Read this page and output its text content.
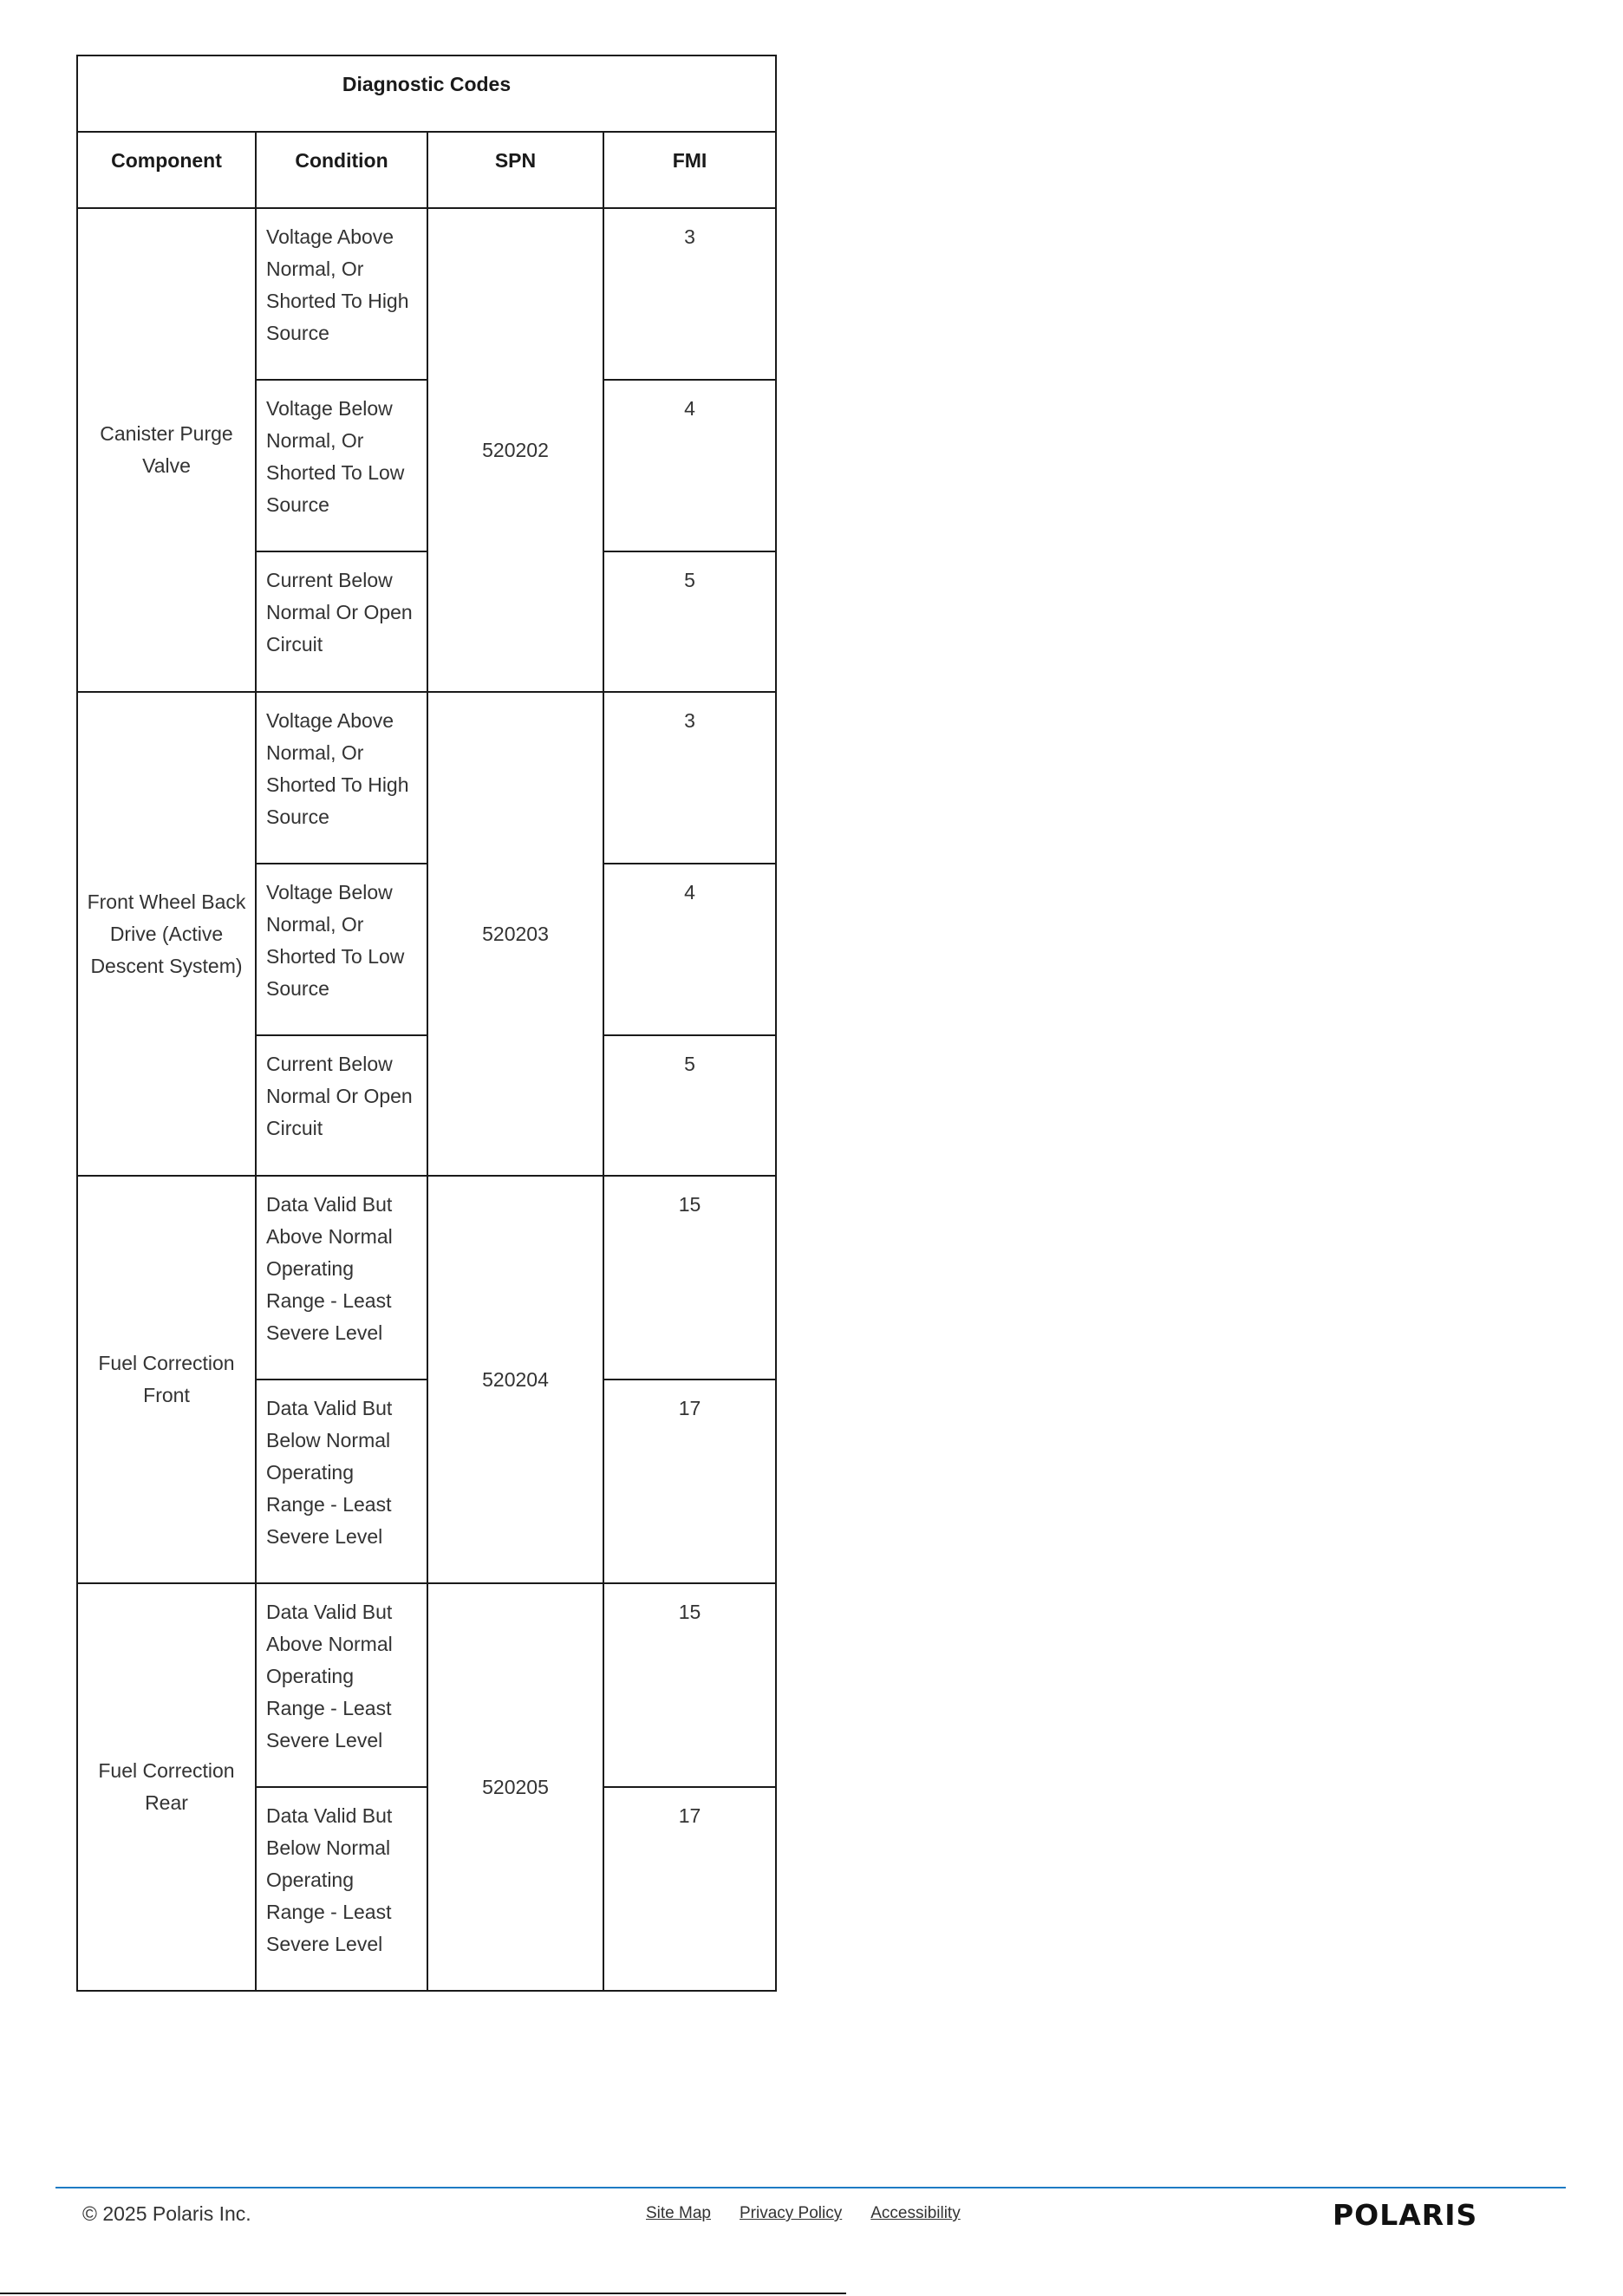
Diagnostic Codes			

Component	Condition	SPN	FMI

Canister Purge Valve	Voltage Above Normal, Or Shorted To High Source	520202	3
	Voltage Below Normal, Or Shorted To Low Source		4
	Current Below Normal Or Open Circuit		5
Front Wheel Back Drive (Active Descent System)	Voltage Above Normal, Or Shorted To High Source	520203	3
	Voltage Below Normal, Or Shorted To Low Source		4
	Current Below Normal Or Open Circuit		5
Fuel Correction Front	Data Valid But Above Normal Operating Range - Least Severe Level	520204	15
	Data Valid But Below Normal Operating Range - Least Severe Level		17
Fuel Correction Rear	Data Valid But Above Normal Operating Range - Least Severe Level	520205	15
	Data Valid But Below Normal Operating Range - Least Severe Level		17
© 2025 Polaris Inc.	Site Map Privacy Policy Accessibility	POLARIS
